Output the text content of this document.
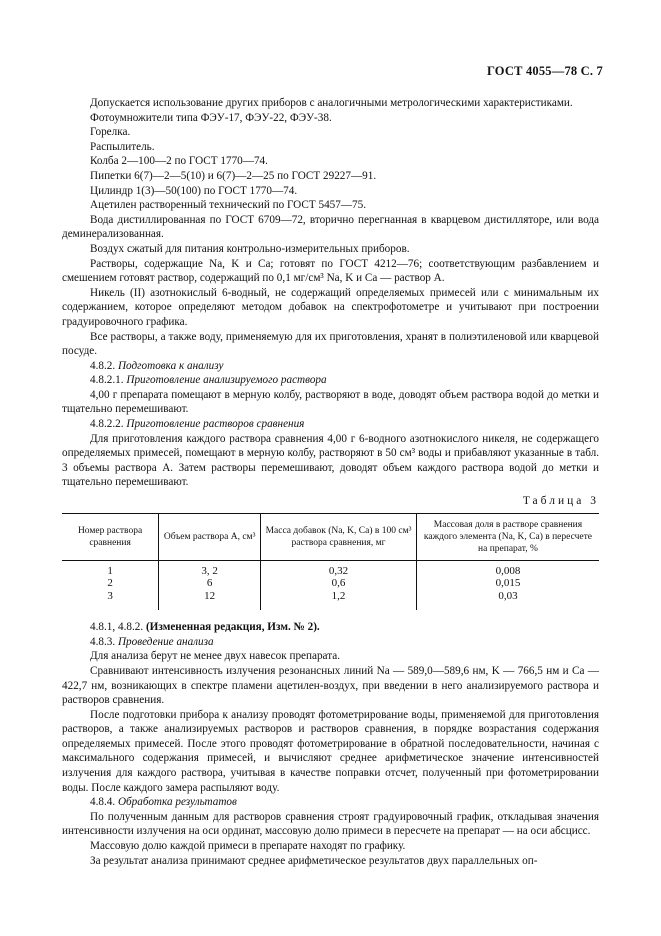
ГОСТ 4055—78 С. 7

Допускается использование других приборов с аналогичными метрологическими характеристиками.

Фотоумножители типа ФЭУ-17, ФЭУ-22, ФЭУ-38.

Горелка.

Распылитель.

Колба 2—100—2 по ГОСТ 1770—74.

Пипетки 6(7)—2—5(10) и 6(7)—2—25 по ГОСТ 29227—91.

Цилиндр 1(3)—50(100) по ГОСТ 1770—74.

Ацетилен растворенный технический по ГОСТ 5457—75.

Вода дистиллированная по ГОСТ 6709—72, вторично перегнанная в кварцевом дистилляторе, или вода деминерализованная.

Воздух сжатый для питания контрольно-измерительных приборов.

Растворы, содержащие Na, K и Са; готовят по ГОСТ 4212—76; соответствующим разбавлением и смешением готовят раствор, содержащий по 0,1 мг/см³ Na, K и Са — раствор А.

Никель (II) азотнокислый 6-водный, не содержащий определяемых примесей или с минимальным их содержанием, которое определяют методом добавок на спектрофотометре и учитывают при построении градуировочного графика.

Все растворы, а также воду, применяемую для их приготовления, хранят в полиэтиленовой или кварцевой посуде.

4.8.2. Подготовка к анализу

4.8.2.1. Приготовление анализируемого раствора

4,00 г препарата помещают в мерную колбу, растворяют в воде, доводят объем раствора водой до метки и тщательно перемешивают.

4.8.2.2. Приготовление растворов сравнения

Для приготовления каждого раствора сравнения 4,00 г 6-водного азотнокислого никеля, не содержащего определяемых примесей, помещают в мерную колбу, растворяют в 50 см³ воды и прибавляют указанные в табл. 3 объемы раствора А. Затем растворы перемешивают, доводят объем каждого раствора водой до метки и тщательно перемешивают.

Таблица 3
Номер раствора сравнения	Объем раствора А, см³	Масса добавок (Na, K, Ca) в 100 см³ раствора сравнения, мг	Массовая доля в растворе сравнения каждого элемента (Na, K, Ca) в пересчете на препарат, %
1	3, 2	0,32	0,008
2	6	0,6	0,015
3	12	1,2	0,03

4.8.1, 4.8.2. (Измененная редакция, Изм. № 2).

4.8.3. Проведение анализа

Для анализа берут не менее двух навесок препарата.

Сравнивают интенсивность излучения резонансных линий Na — 589,0—589,6 нм, K — 766,5 нм и Са — 422,7 нм, возникающих в спектре пламени ацетилен-воздух, при введении в него анализируемого раствора и растворов сравнения.

После подготовки прибора к анализу проводят фотометрирование воды, применяемой для приготовления растворов, а также анализируемых растворов и растворов сравнения, в порядке возрастания содержания определяемых примесей. После этого проводят фотометрирование в обратной последовательности, начиная с максимального содержания примесей, и вычисляют среднее арифметическое значение интенсивностей излучения для каждого раствора, учитывая в качестве поправки отсчет, полученный при фотометрировании воды. После каждого замера распыляют воду.

4.8.4. Обработка результатов

По полученным данным для растворов сравнения строят градуировочный график, откладывая значения интенсивности излучения на оси ординат, массовую долю примеси в пересчете на препарат — на оси абсцисс.

Массовую долю каждой примеси в препарате находят по графику.

За результат анализа принимают среднее арифметическое результатов двух параллельных оп-
